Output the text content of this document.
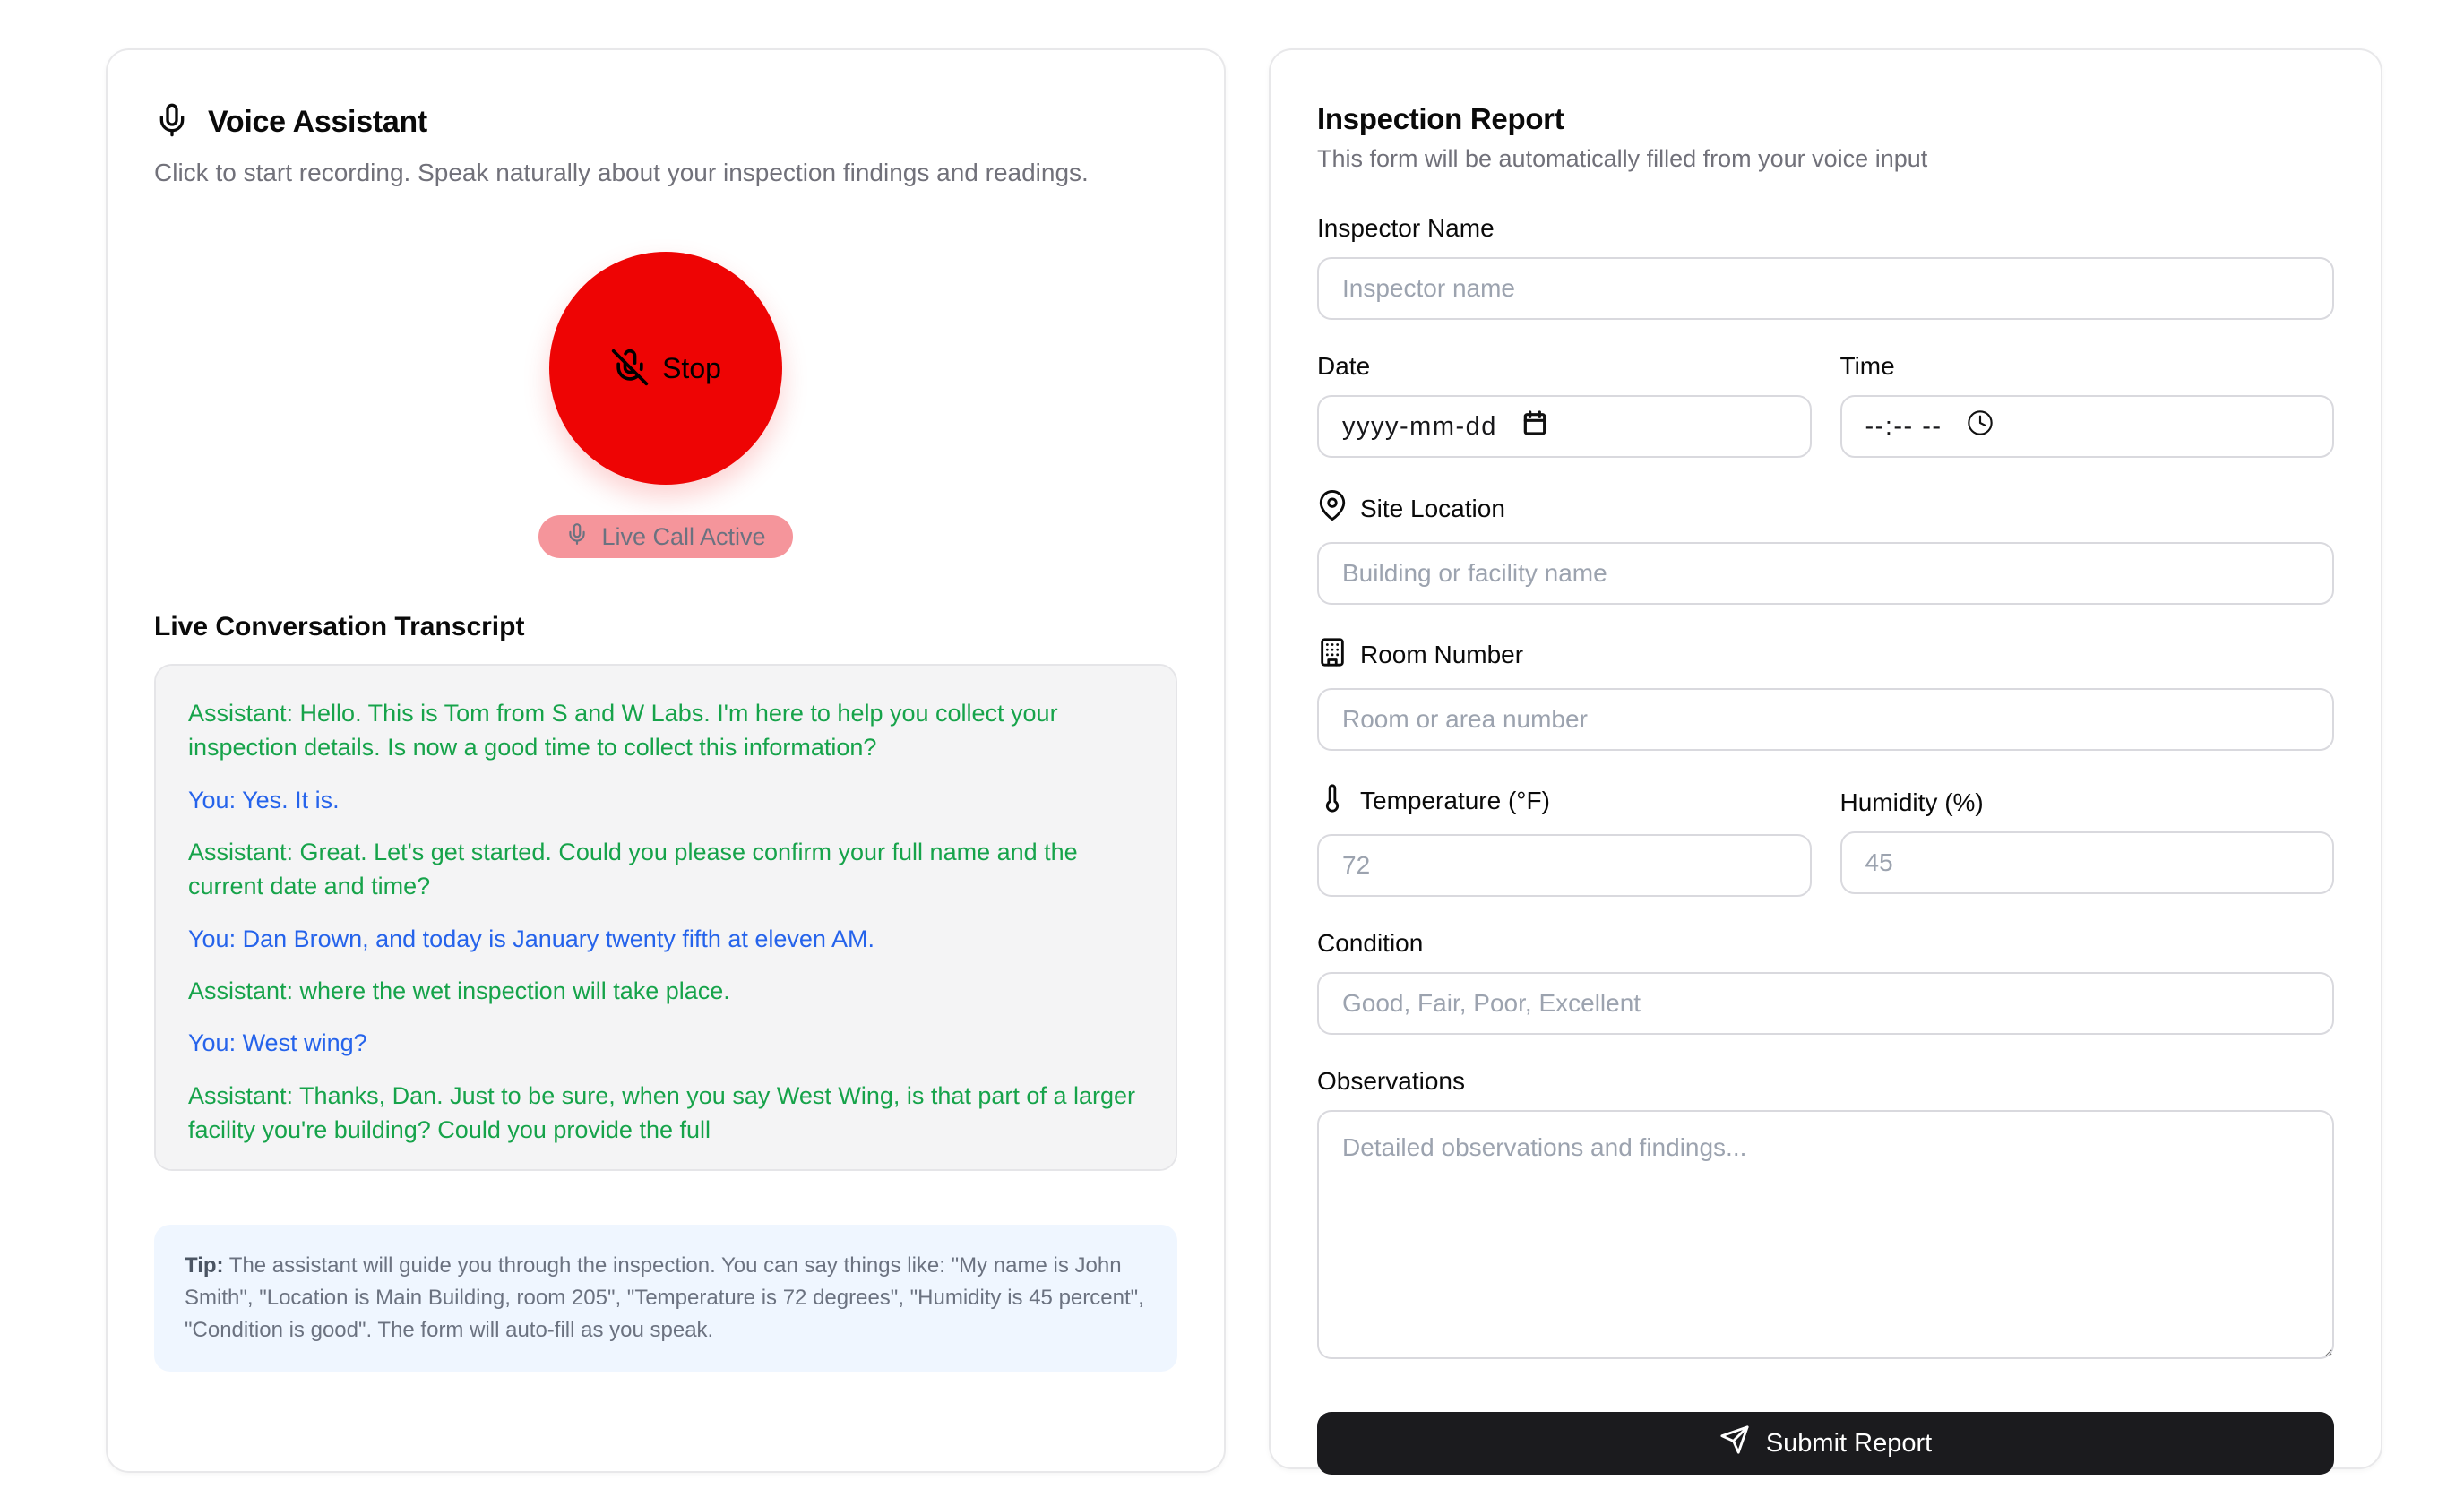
Voice Assistant

Click to start recording. Speak naturally about your inspection findings and readings.

Stop
Live Call Active
Live Conversation Transcript

Assistant: Hello. This is Tom from S and W Labs. I'm here to help you collect your inspection details. Is now a good time to collect this information?

You: Yes. It is.

Assistant: Great. Let's get started. Could you please confirm your full name and the current date and time?

You: Dan Brown, and today is January twenty fifth at eleven AM.

Assistant: where the wet inspection will take place.

You: West wing?

Assistant: Thanks, Dan. Just to be sure, when you say West Wing, is that part of a larger facility you're building? Could you provide the full

Tip: The assistant will guide you through the inspection. You can say things like: "My name is John Smith", "Location is Main Building, room 205", "Temperature is 72 degrees", "Humidity is 45 percent", "Condition is good". The form will auto-fill as you speak.
Inspection Report

This form will be automatically filled from your voice input

Inspector Name
Inspector name
Date
yyyy-mm-dd
Time
--:-- --
Site Location
Building or facility name
Room Number
Room or area number
Temperature (°F)
72	Humidity (%)
45
Condition
Good, Fair, Poor, Excellent
Observations
Detailed observations and findings...
Submit Report
